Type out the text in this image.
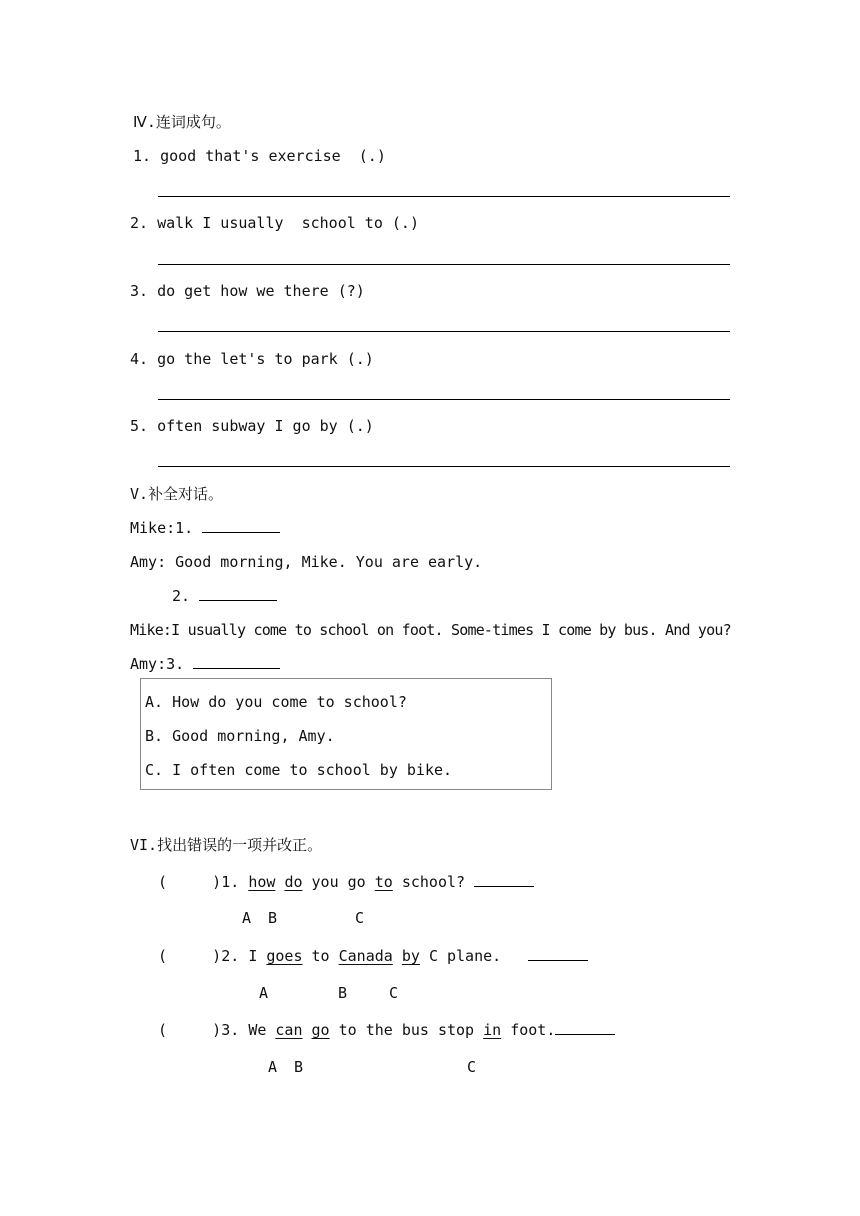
Ⅳ.连词成句。
1. good that's exercise  (.)
2. walk I usually  school to (.)
3. do get how we there (?)
4. go the let's to park (.)
5. often subway I go by (.)
V.补全对话。
Mike:1.
Amy: Good morning, Mike. You are early.
2.
Mike:I usually come to school on foot. Some-times I come by bus. And you?
Amy:3.
A. How do you come to school?
B. Good morning, Amy.
C. I often come to school by bike.
VI.找出错误的一项并改正。
(     )1. how do you go to school?
A B	C
(     )2. I goes to Canada by C plane.
A	B	C
(     )3. We can go to the bus stop in foot.
A B	C
